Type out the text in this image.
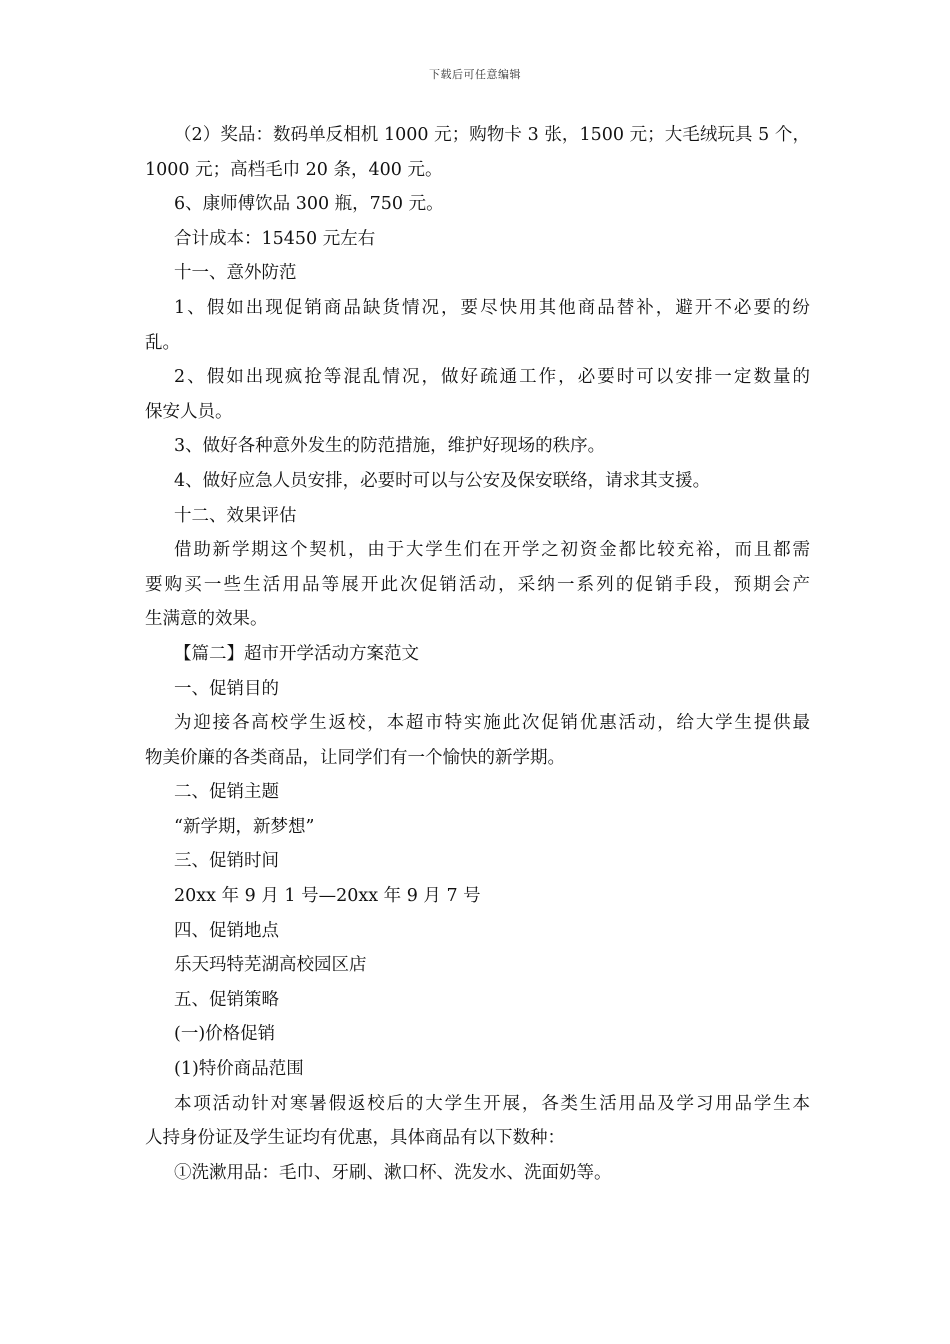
下载后可任意编辑
（2）奖品：数码单反相机 1000 元；购物卡 3 张，1500 元；大毛绒玩具 5 个，
1000 元；高档毛巾 20 条，400 元。
6、康师傅饮品 300 瓶，750 元。
合计成本：15450 元左右
十一、意外防范
1、假如出现促销商品缺货情况，要尽快用其他商品替补，避开不必要的纷
乱。
2、假如出现疯抢等混乱情况，做好疏通工作，必要时可以安排一定数量的
保安人员。
3、做好各种意外发生的防范措施，维护好现场的秩序。
4、做好应急人员安排，必要时可以与公安及保安联络，请求其支援。
十二、效果评估
借助新学期这个契机，由于大学生们在开学之初资金都比较充裕，而且都需
要购买一些生活用品等展开此次促销活动，采纳一系列的促销手段，预期会产
生满意的效果。
【篇二】超市开学活动方案范文
一、促销目的
为迎接各高校学生返校，本超市特实施此次促销优惠活动，给大学生提供最
物美价廉的各类商品，让同学们有一个愉快的新学期。
二、促销主题
“新学期，新梦想”
三、促销时间
20xx 年 9 月 1 号—20xx 年 9 月 7 号
四、促销地点
乐天玛特芜湖高校园区店
五、促销策略
(一)价格促销
(1)特价商品范围
本项活动针对寒暑假返校后的大学生开展，各类生活用品及学习用品学生本
人持身份证及学生证均有优惠，具体商品有以下数种：
①洗漱用品：毛巾、牙刷、漱口杯、洗发水、洗面奶等。
